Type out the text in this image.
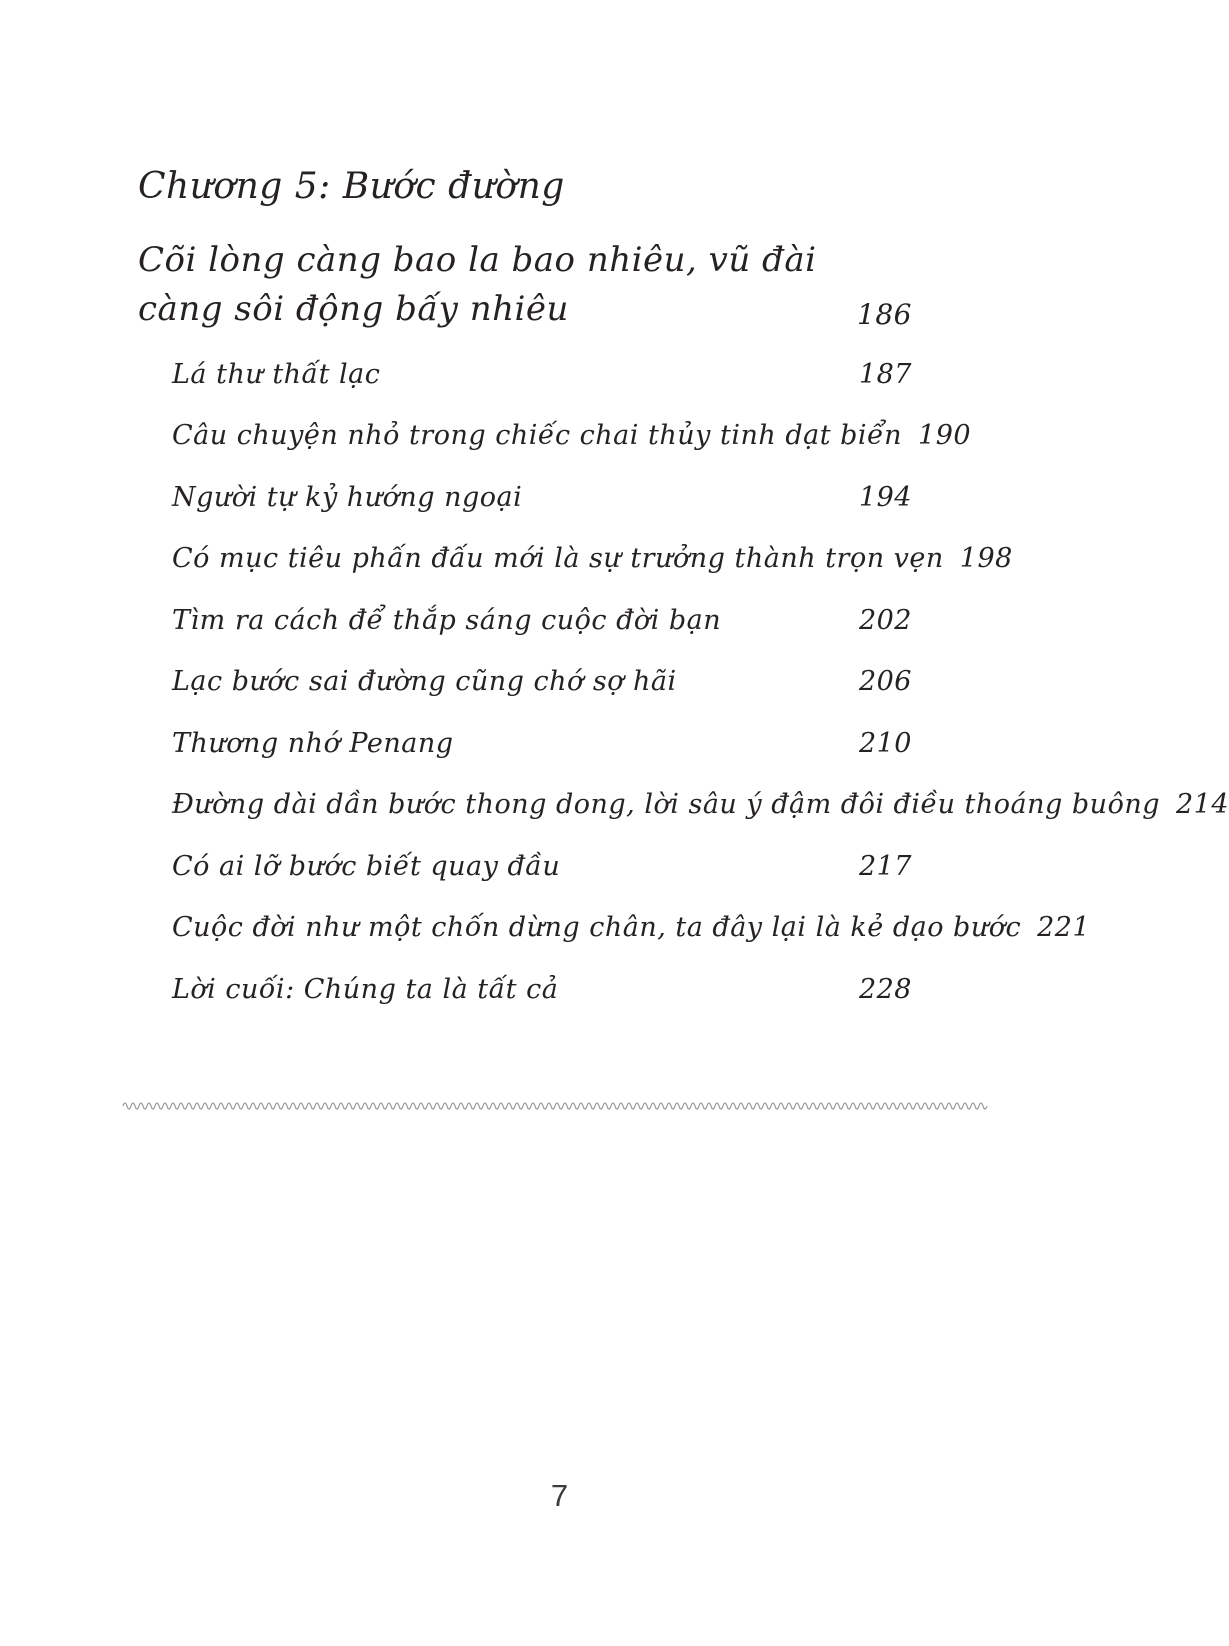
Chương 5: Bước đường
Cõi lòng càng bao la bao nhiêu, vũ đài càng sôi động bấy nhiêu	186
Lá thư thất lạc	187
Câu chuyện nhỏ trong chiếc chai thủy tinh dạt biển 190
Người tự kỷ hướng ngoại	194
Có mục tiêu phấn đấu mới là sự trưởng thành trọn vẹn 198
Tìm ra cách để thắp sáng cuộc đời bạn	202
Lạc bước sai đường cũng chớ sợ hãi	206
Thương nhớ Penang	210
Đường dài dần bước thong dong, lời sâu ý đậm đôi điều thoáng buông 214
Có ai lỡ bước biết quay đầu	217
Cuộc đời như một chốn dừng chân, ta đây lại là kẻ dạo bước 221
Lời cuối: Chúng ta là tất cả	228
7
